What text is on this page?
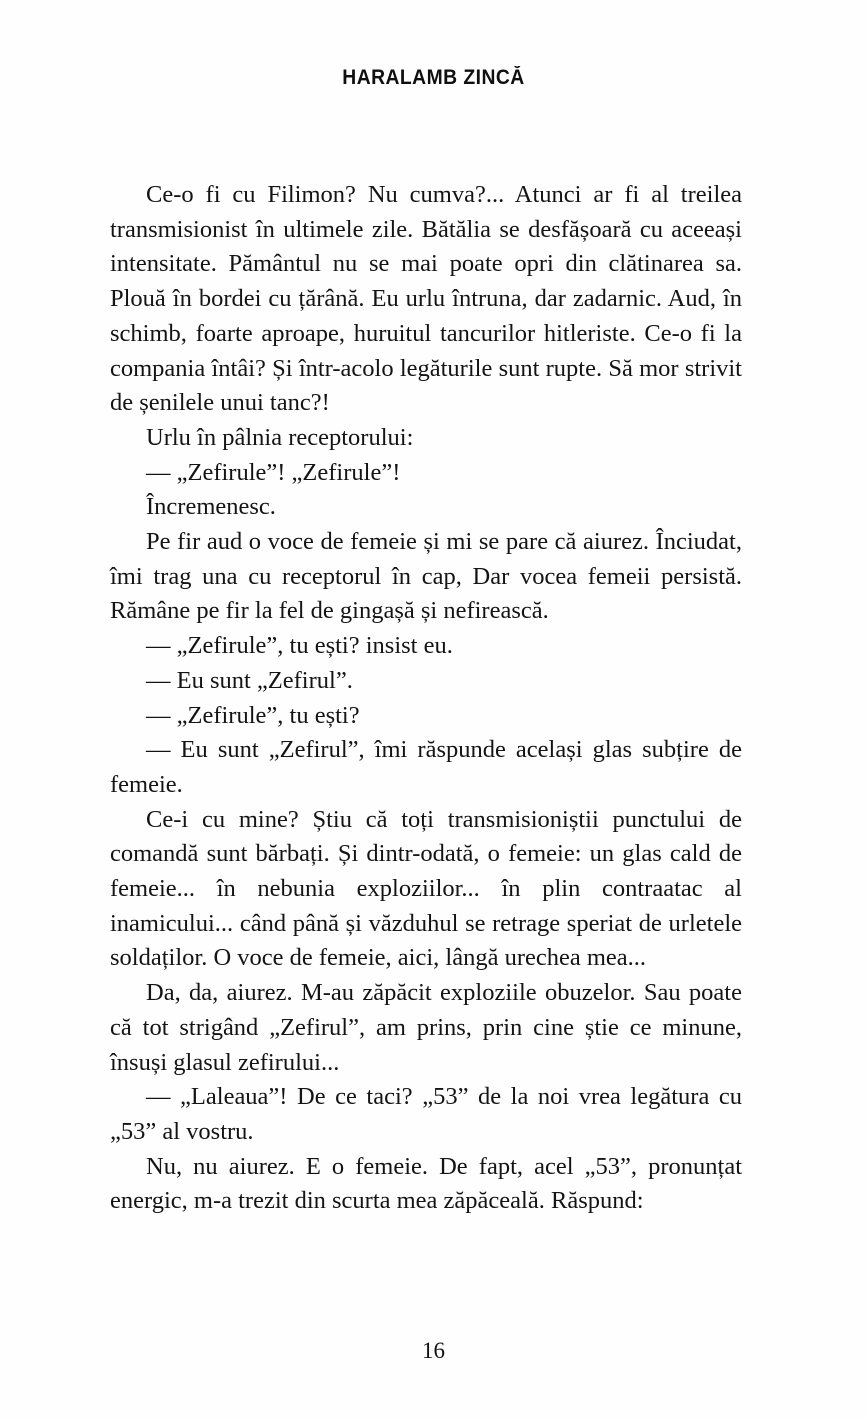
HARALAMB ZINCĂ

Ce-o fi cu Filimon? Nu cumva?... Atunci ar fi al treilea transmisionist în ultimele zile. Bătălia se desfășoară cu aceeași intensitate. Pământul nu se mai poate opri din clătinarea sa. Plouă în bordei cu țărână. Eu urlu întruna, dar zadarnic. Aud, în schimb, foarte aproape, huruitul tancurilor hitleriste. Ce-o fi la compania întâi? Și într-acolo legăturile sunt rupte. Să mor strivit de șenilele unui tanc?!

Urlu în pâlnia receptorului:

— „Zefirule”! „Zefirule”!

Încremenesc.

Pe fir aud o voce de femeie și mi se pare că aiurez. Înciudat, îmi trag una cu receptorul în cap, Dar vocea femeii persistă. Rămâne pe fir la fel de gingașă și nefirească.

— „Zefirule”, tu ești? insist eu.

— Eu sunt „Zefirul”.

— „Zefirule”, tu ești?

— Eu sunt „Zefirul”, îmi răspunde același glas subțire de femeie.

Ce-i cu mine? Știu că toți transmisioniștii punctului de comandă sunt bărbați. Și dintr-odată, o femeie: un glas cald de femeie... în nebunia exploziilor... în plin contraatac al inamicului... când până și văzduhul se retrage speriat de urletele soldaților. O voce de femeie, aici, lângă urechea mea...

Da, da, aiurez. M-au zăpăcit exploziile obuzelor. Sau poate că tot strigând „Zefirul”, am prins, prin cine știe ce minune, însuși glasul zefirului...

— „Laleaua”! De ce taci? „53” de la noi vrea legătura cu „53” al vostru.

Nu, nu aiurez. E o femeie. De fapt, acel „53”, pronunțat energic, m-a trezit din scurta mea zăpăceală. Răspund:

16
